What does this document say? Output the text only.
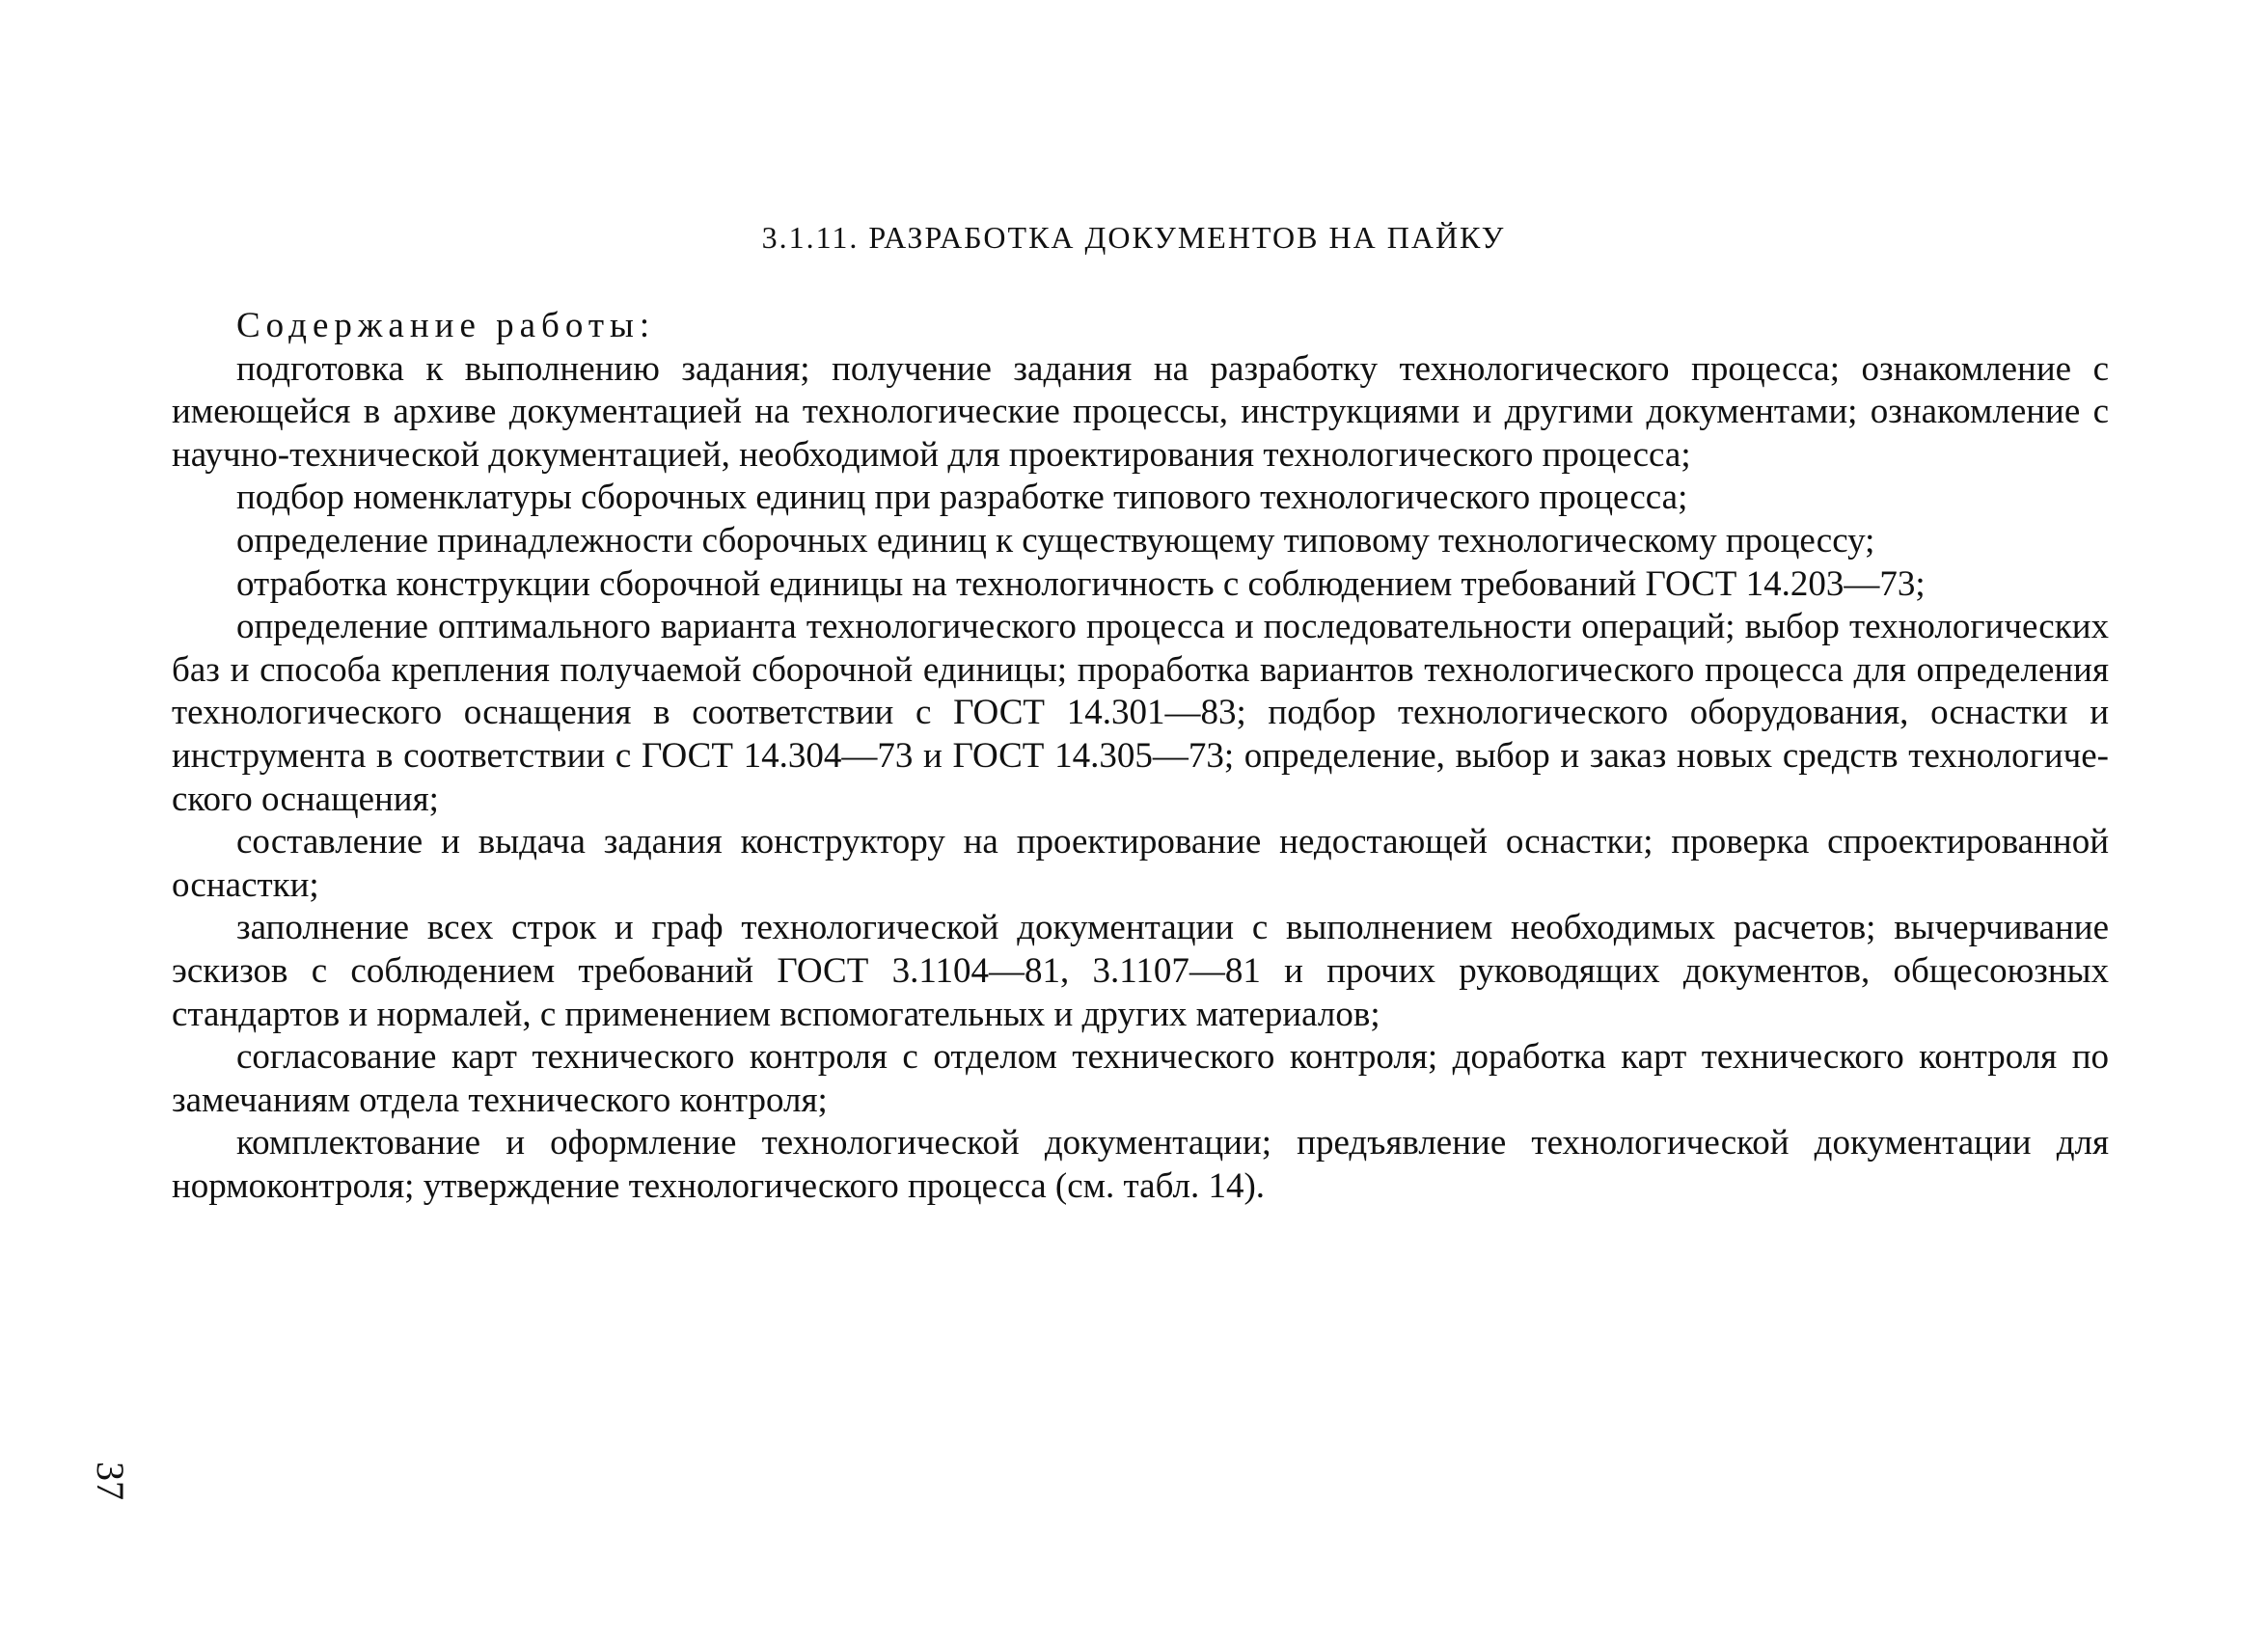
3.1.11. РАЗРАБОТКА ДОКУМЕНТОВ НА ПАЙКУ

Содержание работы:

подготовка к выполнению задания; получение задания на разработку технологического процесса; ознакомление с имеющейся в архиве документацией на технологические процессы, инструкциями и другими документами; ознакомление с научно-технической документацией, необходимой для проектирования технологического процесса;

подбор номенклатуры сборочных единиц при разработке типового технологического процесса;

определение принадлежности сборочных единиц к существующему типовому технологическому процессу;

отработка конструкции сборочной единицы на технологичность с соблюдением требований ГОСТ 14.203—73;

определение оптимального варианта технологического процесса и последовательности операций; выбор технологических баз и способа крепления получаемой сборочной единицы; проработка вариантов технологического процесса для определения технологического оснащения в соответствии с ГОСТ 14.301—83; подбор технологического оборудования, оснастки и инструмента в соответствии с ГОСТ 14.304—73 и ГОСТ 14.305—73; определение, выбор и заказ новых средств технологического оснащения;

составление и выдача задания конструктору на проектирование недостающей оснастки; проверка спроектированной оснастки;

заполнение всех строк и граф технологической документации с выполнением необходимых расчетов; вычерчивание эскизов с соблюдением требований ГОСТ 3.1104—81, 3.1107—81 и прочих руководящих документов, общесоюзных стандартов и нормалей, с применением вспомогательных и других материалов;

согласование карт технического контроля с отделом технического контроля; доработка карт технического контроля по замечаниям отдела технического контроля;

комплектование и оформление технологической документации; предъявление технологической документации для нормоконтроля; утверждение технологического процесса (см. табл. 14).

37
